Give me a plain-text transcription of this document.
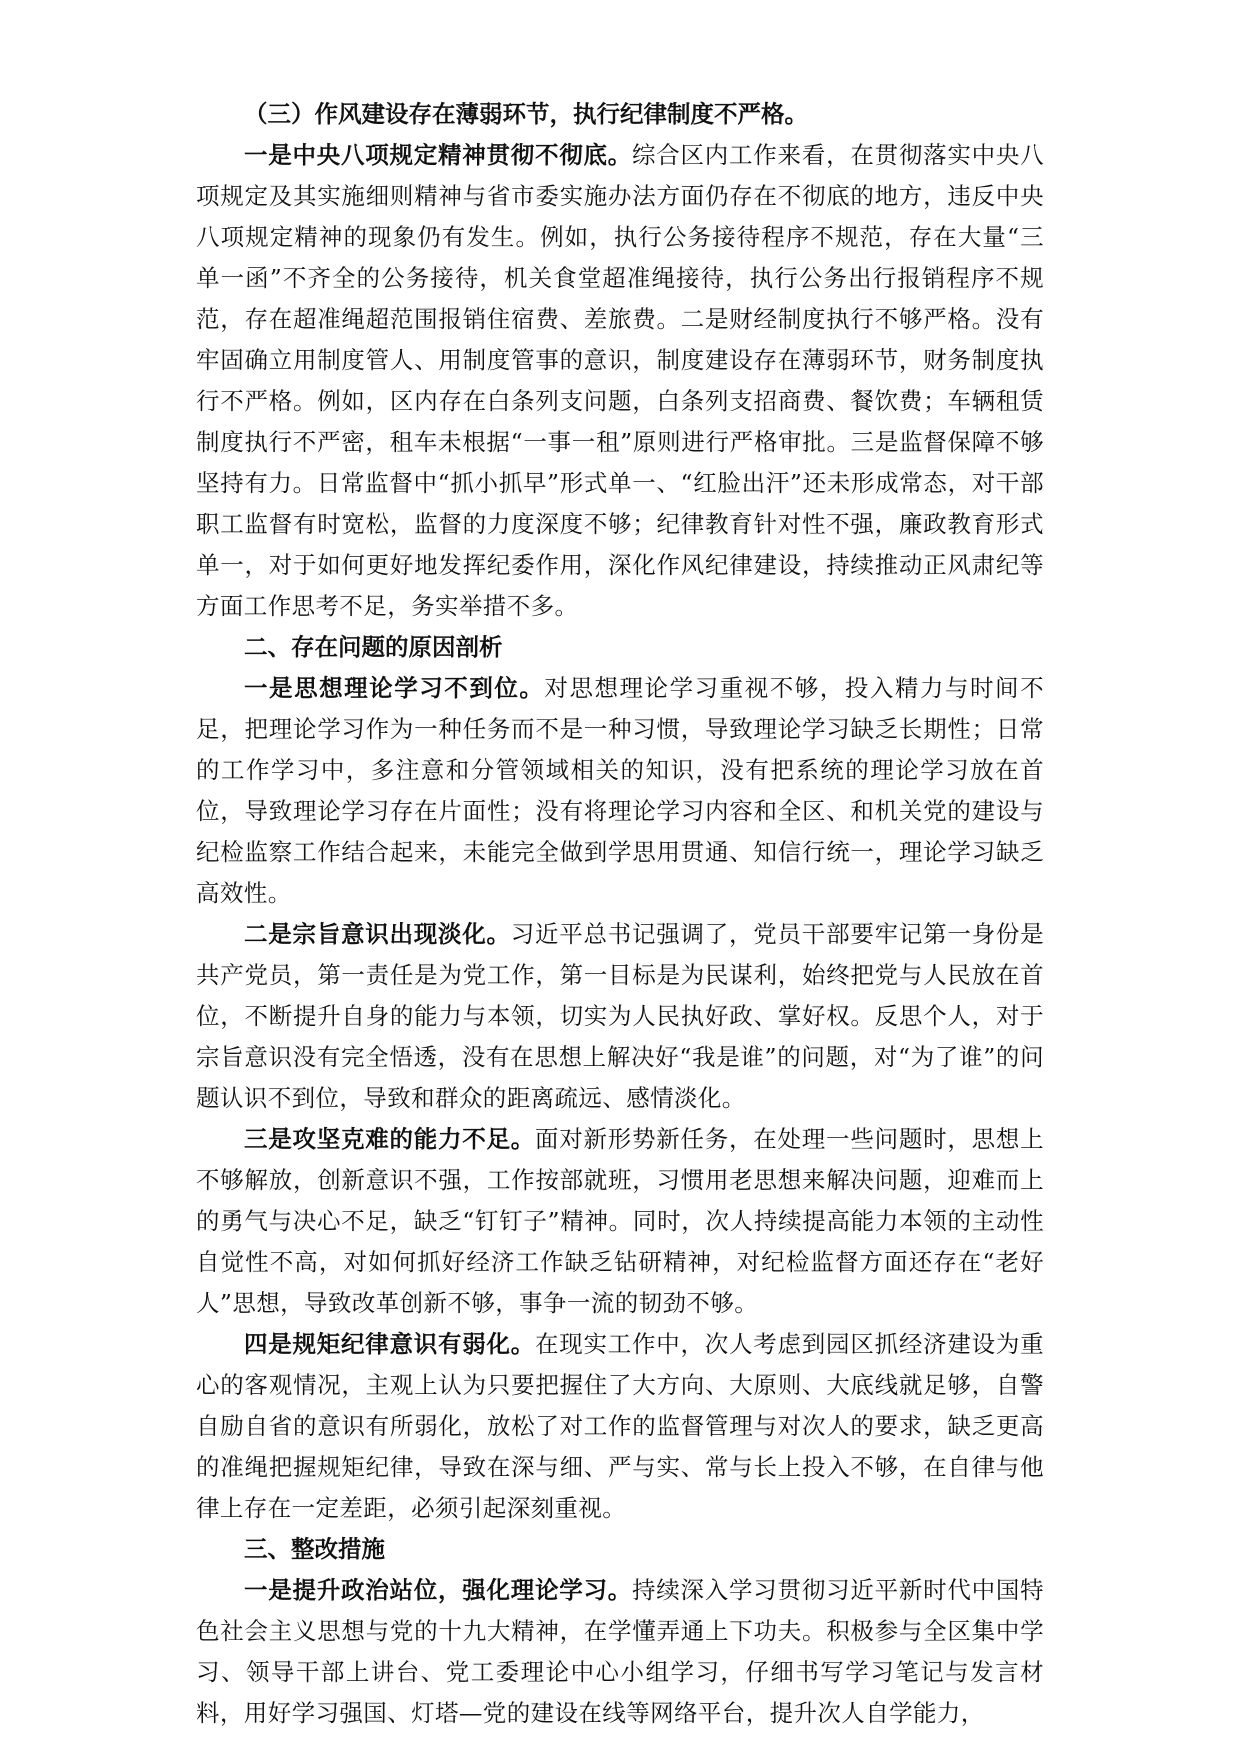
（三）作风建设存在薄弱环节，执行纪律制度不严格。

一是中央八项规定精神贯彻不彻底。综合区内工作来看，在贯彻落实中央八项规定及其实施细则精神与省市委实施办法方面仍存在不彻底的地方，违反中央八项规定精神的现象仍有发生。例如，执行公务接待程序不规范，存在大量“三单一函”不齐全的公务接待，机关食堂超准绳接待，执行公务出行报销程序不规范，存在超准绳超范围报销住宿费、差旅费。二是财经制度执行不够严格。没有牢固确立用制度管人、用制度管事的意识，制度建设存在薄弱环节，财务制度执行不严格。例如，区内存在白条列支问题，白条列支招商费、餐饮费；车辆租赁制度执行不严密，租车未根据“一事一租”原则进行严格审批。三是监督保障不够坚持有力。日常监督中“抓小抓早”形式单一、“红脸出汗”还未形成常态，对干部职工监督有时宽松，监督的力度深度不够；纪律教育针对性不强，廉政教育形式单一，对于如何更好地发挥纪委作用，深化作风纪律建设，持续推动正风肃纪等方面工作思考不足，务实举措不多。

二、存在问题的原因剖析

一是思想理论学习不到位。对思想理论学习重视不够，投入精力与时间不足，把理论学习作为一种任务而不是一种习惯，导致理论学习缺乏长期性；日常的工作学习中，多注意和分管领域相关的知识，没有把系统的理论学习放在首位，导致理论学习存在片面性；没有将理论学习内容和全区、和机关党的建设与纪检监察工作结合起来，未能完全做到学思用贯通、知信行统一，理论学习缺乏高效性。

二是宗旨意识出现淡化。习近平总书记强调了，党员干部要牢记第一身份是共产党员，第一责任是为党工作，第一目标是为民谋利，始终把党与人民放在首位，不断提升自身的能力与本领，切实为人民执好政、掌好权。反思个人，对于宗旨意识没有完全悟透，没有在思想上解决好“我是谁”的问题，对“为了谁”的问题认识不到位，导致和群众的距离疏远、感情淡化。

三是攻坚克难的能力不足。面对新形势新任务，在处理一些问题时，思想上不够解放，创新意识不强，工作按部就班，习惯用老思想来解决问题，迎难而上的勇气与决心不足，缺乏“钉钉子”精神。同时，次人持续提高能力本领的主动性自觉性不高，对如何抓好经济工作缺乏钻研精神，对纪检监督方面还存在“老好人”思想，导致改革创新不够，事争一流的韧劲不够。

四是规矩纪律意识有弱化。在现实工作中，次人考虑到园区抓经济建设为重心的客观情况，主观上认为只要把握住了大方向、大原则、大底线就足够，自警自励自省的意识有所弱化，放松了对工作的监督管理与对次人的要求，缺乏更高的准绳把握规矩纪律，导致在深与细、严与实、常与长上投入不够，在自律与他律上存在一定差距，必须引起深刻重视。

三、整改措施

一是提升政治站位，强化理论学习。持续深入学习贯彻习近平新时代中国特色社会主义思想与党的十九大精神，在学懂弄通上下功夫。积极参与全区集中学习、领导干部上讲台、党工委理论中心小组学习，仔细书写学习笔记与发言材料，用好学习强国、灯塔—党的建设在线等网络平台，提升次人自学能力，
